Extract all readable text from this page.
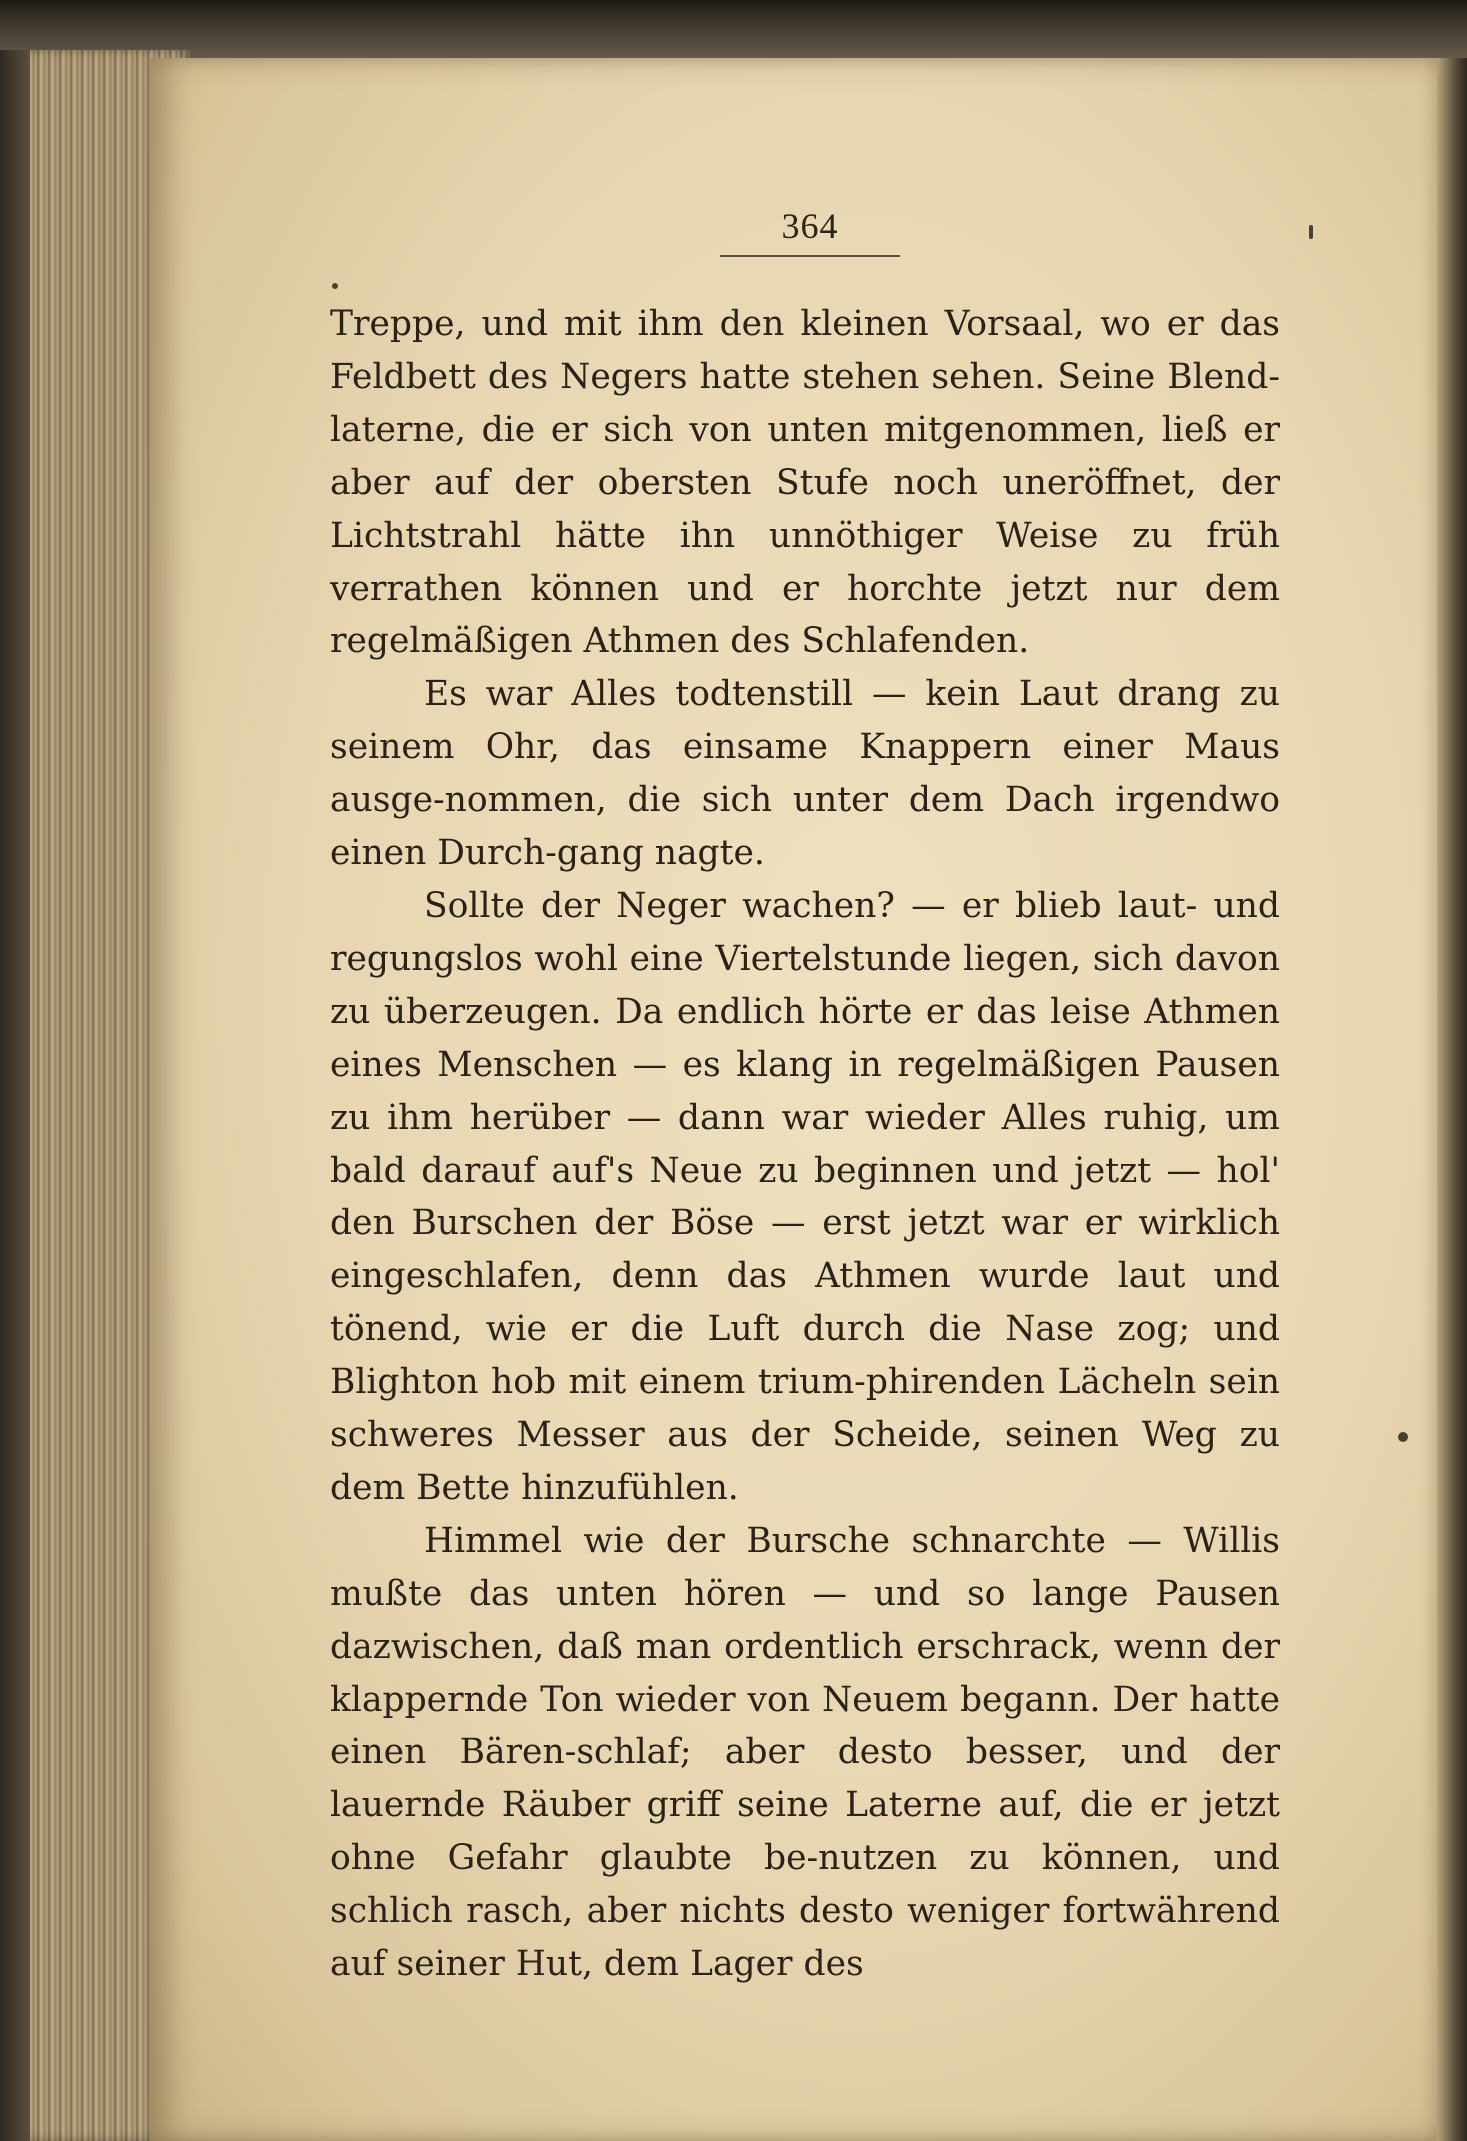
364

Treppe, und mit ihm den kleinen Vorsaal, wo er das Feldbett des Negers hatte stehen sehen. Seine Blend-laterne, die er sich von unten mitgenommen, ließ er aber auf der obersten Stufe noch uneröffnet, der Lichtstrahl hätte ihn unnöthiger Weise zu früh verrathen können und er horchte jetzt nur dem regelmäßigen Athmen des Schlafenden.

Es war Alles todtenstill — kein Laut drang zu seinem Ohr, das einsame Knappern einer Maus ausge-nommen, die sich unter dem Dach irgendwo einen Durch-gang nagte.

Sollte der Neger wachen? — er blieb laut- und regungslos wohl eine Viertelstunde liegen, sich davon zu überzeugen. Da endlich hörte er das leise Athmen eines Menschen — es klang in regelmäßigen Pausen zu ihm herüber — dann war wieder Alles ruhig, um bald darauf auf's Neue zu beginnen und jetzt — hol' den Burschen der Böse — erst jetzt war er wirklich eingeschlafen, denn das Athmen wurde laut und tönend, wie er die Luft durch die Nase zog; und Blighton hob mit einem trium-phirenden Lächeln sein schweres Messer aus der Scheide, seinen Weg zu dem Bette hinzufühlen.

Himmel wie der Bursche schnarchte — Willis mußte das unten hören — und so lange Pausen dazwischen, daß man ordentlich erschrack, wenn der klappernde Ton wieder von Neuem begann. Der hatte einen Bären-schlaf; aber desto besser, und der lauernde Räuber griff seine Laterne auf, die er jetzt ohne Gefahr glaubte be-nutzen zu können, und schlich rasch, aber nichts desto weniger fortwährend auf seiner Hut, dem Lager des
